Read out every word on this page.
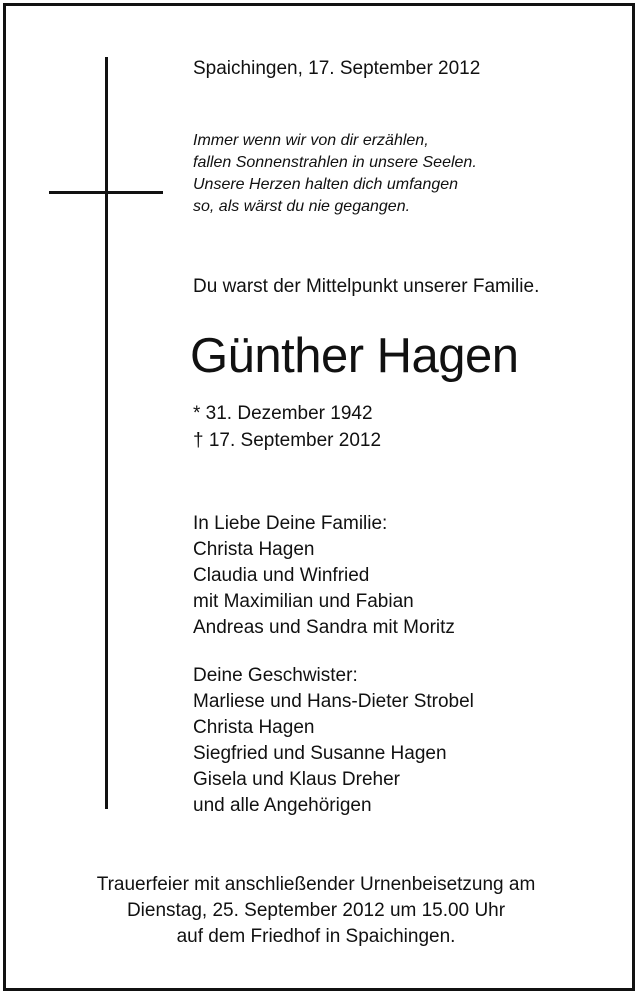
Spaichingen, 17. September 2012
Immer wenn wir von dir erzählen,
fallen Sonnenstrahlen in unsere Seelen.
Unsere Herzen halten dich umfangen
so, als wärst du nie gegangen.
Du warst der Mittelpunkt unserer Familie.
Günther Hagen
* 31. Dezember 1942
† 17. September 2012
In Liebe Deine Familie:
Christa Hagen
Claudia und Winfried
mit Maximilian und Fabian
Andreas und Sandra mit Moritz
Deine Geschwister:
Marliese und Hans-Dieter Strobel
Christa Hagen
Siegfried und Susanne Hagen
Gisela und Klaus Dreher
und alle Angehörigen
Trauerfeier mit anschließender Urnenbeisetzung am
Dienstag, 25. September 2012 um 15.00 Uhr
auf dem Friedhof in Spaichingen.
